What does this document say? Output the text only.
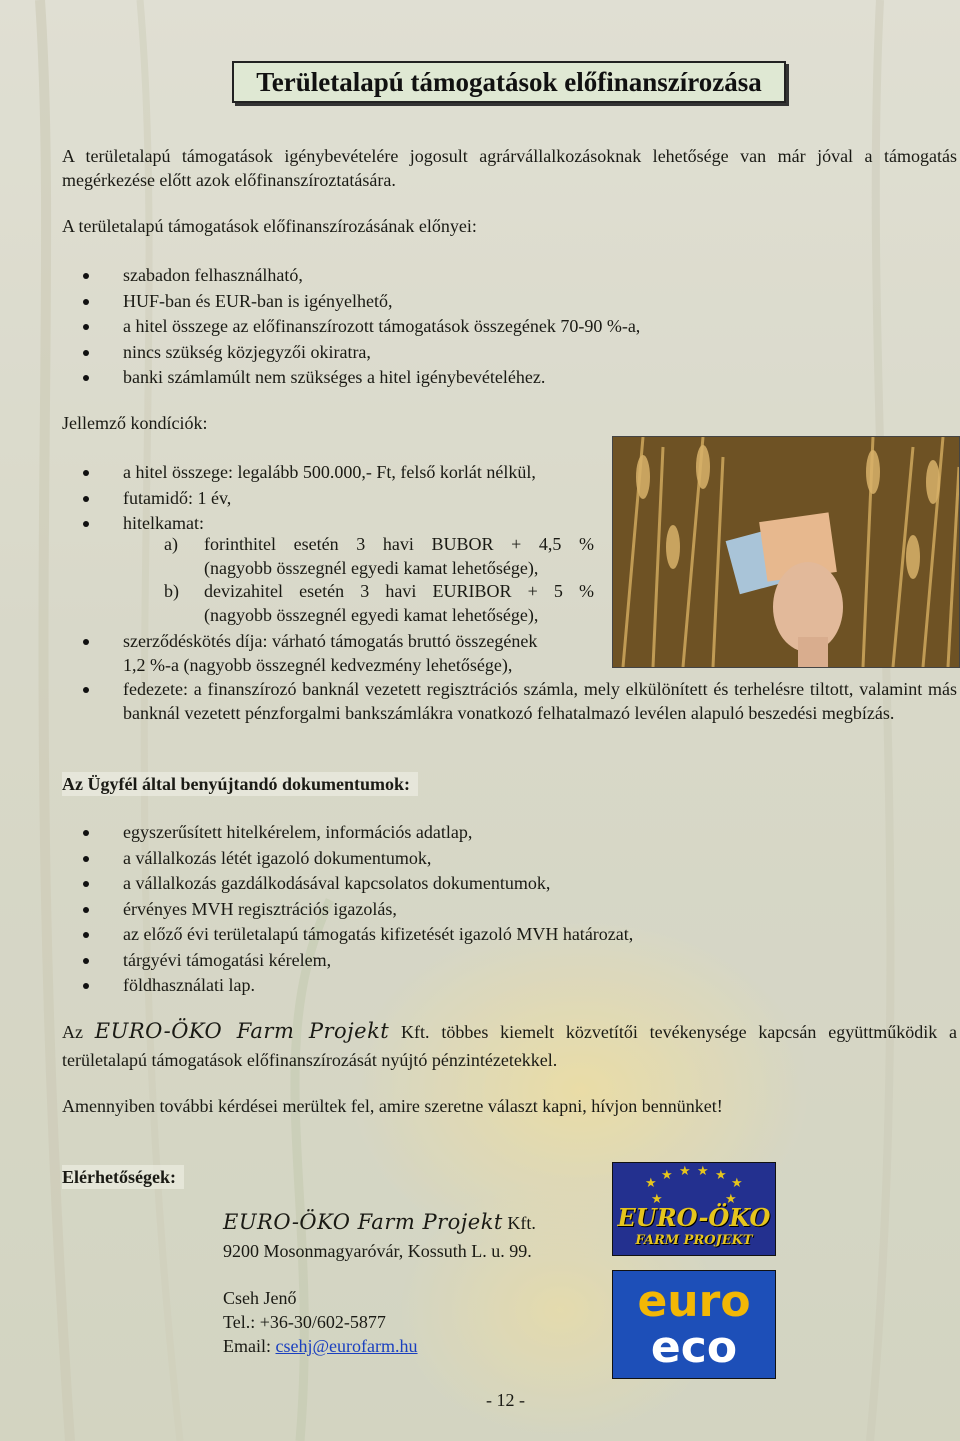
Területalapú támogatások előfinanszírozása
A területalapú támogatások igénybevételére jogosult agrárvállalkozásoknak lehetősége van már jóval a támogatás megérkezése előtt azok előfinanszíroztatására.
A területalapú támogatások előfinanszírozásának előnyei:
szabadon felhasználható,
HUF-ban és EUR-ban is igényelhető,
a hitel összege az előfinanszírozott támogatások összegének 70-90 %-a,
nincs szükség közjegyzői okiratra,
banki számlamúlt nem szükséges a hitel igénybevételéhez.
Jellemző kondíciók:
a hitel összege: legalább 500.000,- Ft, felső korlát nélkül,
futamidő: 1 év,
hitelkamat:
a)	forinthitel esetén 3 havi BUBOR + 4,5 %
(nagyobb összegnél egyedi kamat lehetősége),
b)	devizahitel esetén 3 havi EURIBOR + 5 %
(nagyobb összegnél egyedi kamat lehetősége),
szerződéskötés díja: várható támogatás bruttó összegének
1,2 %-a (nagyobb összegnél kedvezmény lehetősége),
fedezete: a finanszírozó banknál vezetett regisztrációs számla, mely elkülönített és terhelésre tiltott, valamint más banknál vezetett pénzforgalmi bankszámlákra vonatkozó felhatalmazó levélen alapuló beszedési megbízás.
Az Ügyfél által benyújtandó dokumentumok:
egyszerűsített hitelkérelem, információs adatlap,
a vállalkozás létét igazoló dokumentumok,
a vállalkozás gazdálkodásával kapcsolatos dokumentumok,
érvényes MVH regisztrációs igazolás,
az előző évi területalapú támogatás kifizetését igazoló MVH határozat,
tárgyévi támogatási kérelem,
földhasználati lap.
Az EURO-ÖKO Farm Projekt Kft. többes kiemelt közvetítői tevékenysége kapcsán együttműködik a területalapú támogatások előfinanszírozását nyújtó pénzintézetekkel.
Amennyiben további kérdései merültek fel, amire szeretne választ kapni, hívjon bennünket!
Elérhetőségek:
EURO-ÖKO Farm Projekt Kft.
9200 Mosonmagyaróvár, Kossuth L. u. 99.
Cseh Jenő
Tel.: +36-30/602-5877
Email: csehj@eurofarm.hu
★
★ ★ ★ ★
★
★	★
EURO-ÖKO
FARM PROJEKT
euro
eco
- 12 -
